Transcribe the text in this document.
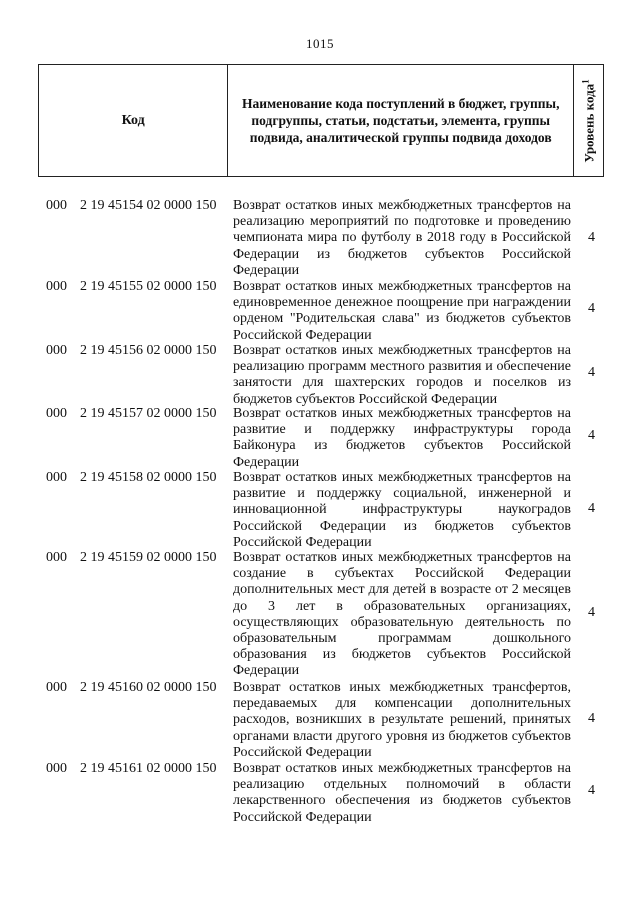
1015
Код
Наименование кода поступлений в бюджет, группы, подгруппы, статьи, подстатьи, элемента, группы подвида, аналитической группы подвида доходов	Уровень кода$^1$
000 2 19 45154 02 0000 150 Возврат остатков иных межбюджетных трансфертов на реализацию мероприятий по подготовке и проведению чемпионата мира по футболу в 2018 году в Российской Федерации из бюджетов субъектов Российской Федерации
4
000 2 19 45155 02 0000 150 Возврат остатков иных межбюджетных трансфертов на единовременное денежное поощрение при награждении орденом "Родительская слава" из бюджетов субъектов Российской Федерации
4
000 2 19 45156 02 0000 150 Возврат остатков иных межбюджетных трансфертов на реализацию программ местного развития и обеспечение занятости для шахтерских городов и поселков из бюджетов субъектов Российской Федерации
4
000 2 19 45157 02 0000 150 Возврат остатков иных межбюджетных трансфертов на развитие и поддержку инфраструктуры города Байконура из бюджетов субъектов Российской Федерации
4
000 2 19 45158 02 0000 150 Возврат остатков иных межбюджетных трансфертов на развитие и поддержку социальной, инженерной и инновационной инфраструктуры наукоградов Российской Федерации из бюджетов субъектов Российской Федерации
4
000 2 19 45159 02 0000 150 Возврат остатков иных межбюджетных трансфертов на создание в субъектах Российской Федерации дополнительных мест для детей в возрасте от 2 месяцев до 3 лет в образовательных организациях, осуществляющих образовательную деятельность по образовательным программам дошкольного образования из бюджетов субъектов Российской Федерации
4
000 2 19 45160 02 0000 150 Возврат остатков иных межбюджетных трансфертов, передаваемых для компенсации дополнительных расходов, возникших в результате решений, принятых органами власти другого уровня из бюджетов субъектов Российской Федерации
4
000 2 19 45161 02 0000 150 Возврат остатков иных межбюджетных трансфертов на реализацию отдельных полномочий в области лекарственного обеспечения из бюджетов субъектов Российской Федерации
4
